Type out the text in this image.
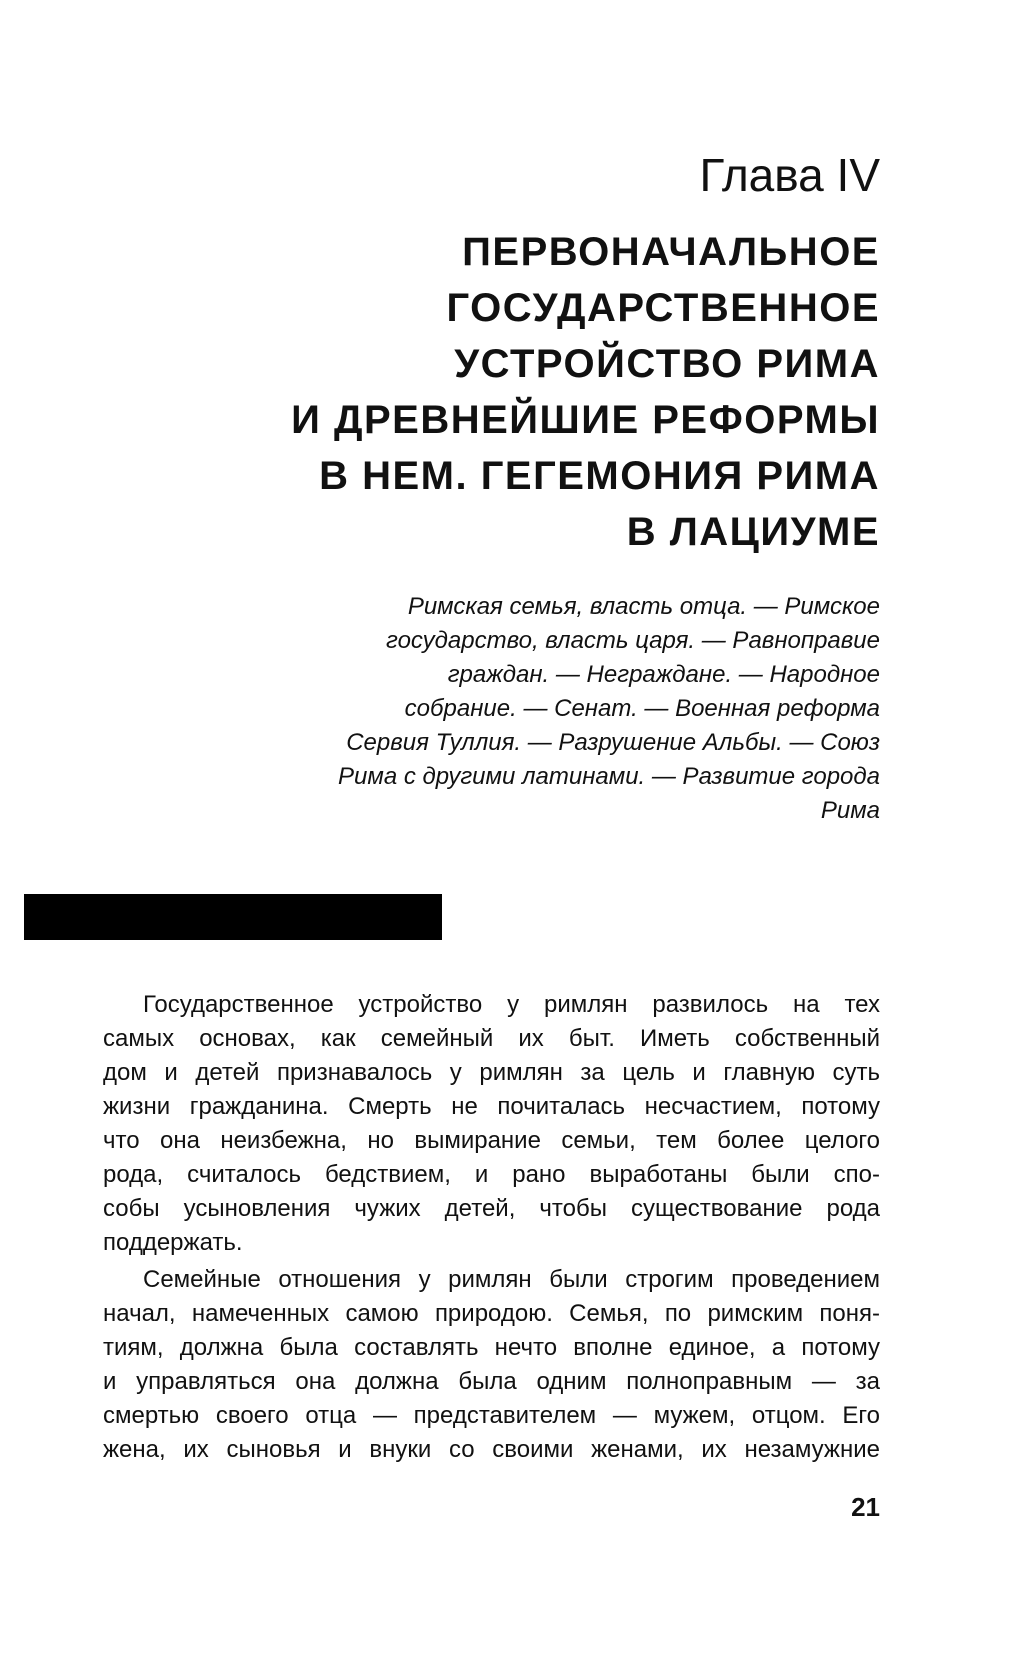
Глава IV
ПЕРВОНАЧАЛЬНОЕ
ГОСУДАРСТВЕННОЕ
УСТРОЙСТВО РИМА
И ДРЕВНЕЙШИЕ РЕФОРМЫ
В НЕМ. ГЕГЕМОНИЯ РИМА
В ЛАЦИУМЕ
Римская семья, власть отца. — Римское
государство, власть царя. — Равноправие
граждан. — Неграждане. — Народное
собрание. — Сенат. — Военная реформа
Сервия Туллия. — Разрушение Альбы. — Союз
Рима с другими латинами. — Развитие города
Рима

Государственное устройство у римлян развилось на тех
самых основах, как семейный их быт. Иметь собственный
дом и детей признавалось у римлян за цель и главную суть
жизни гражданина. Смерть не почиталась несчастием, потому
что она неизбежна, но вымирание семьи, тем более целого
рода, считалось бедствием, и рано выработаны были спо-
собы усыновления чужих детей, чтобы существование рода
поддержать.

Семейные отношения у римлян были строгим проведением
начал, намеченных самою природою. Семья, по римским поня-
тиям, должна была составлять нечто вполне единое, а потому
и управляться она должна была одним полноправным — за
смертью своего отца — представителем — мужем, отцом. Его
жена, их сыновья и внуки со своими женами, их незамужние

21
